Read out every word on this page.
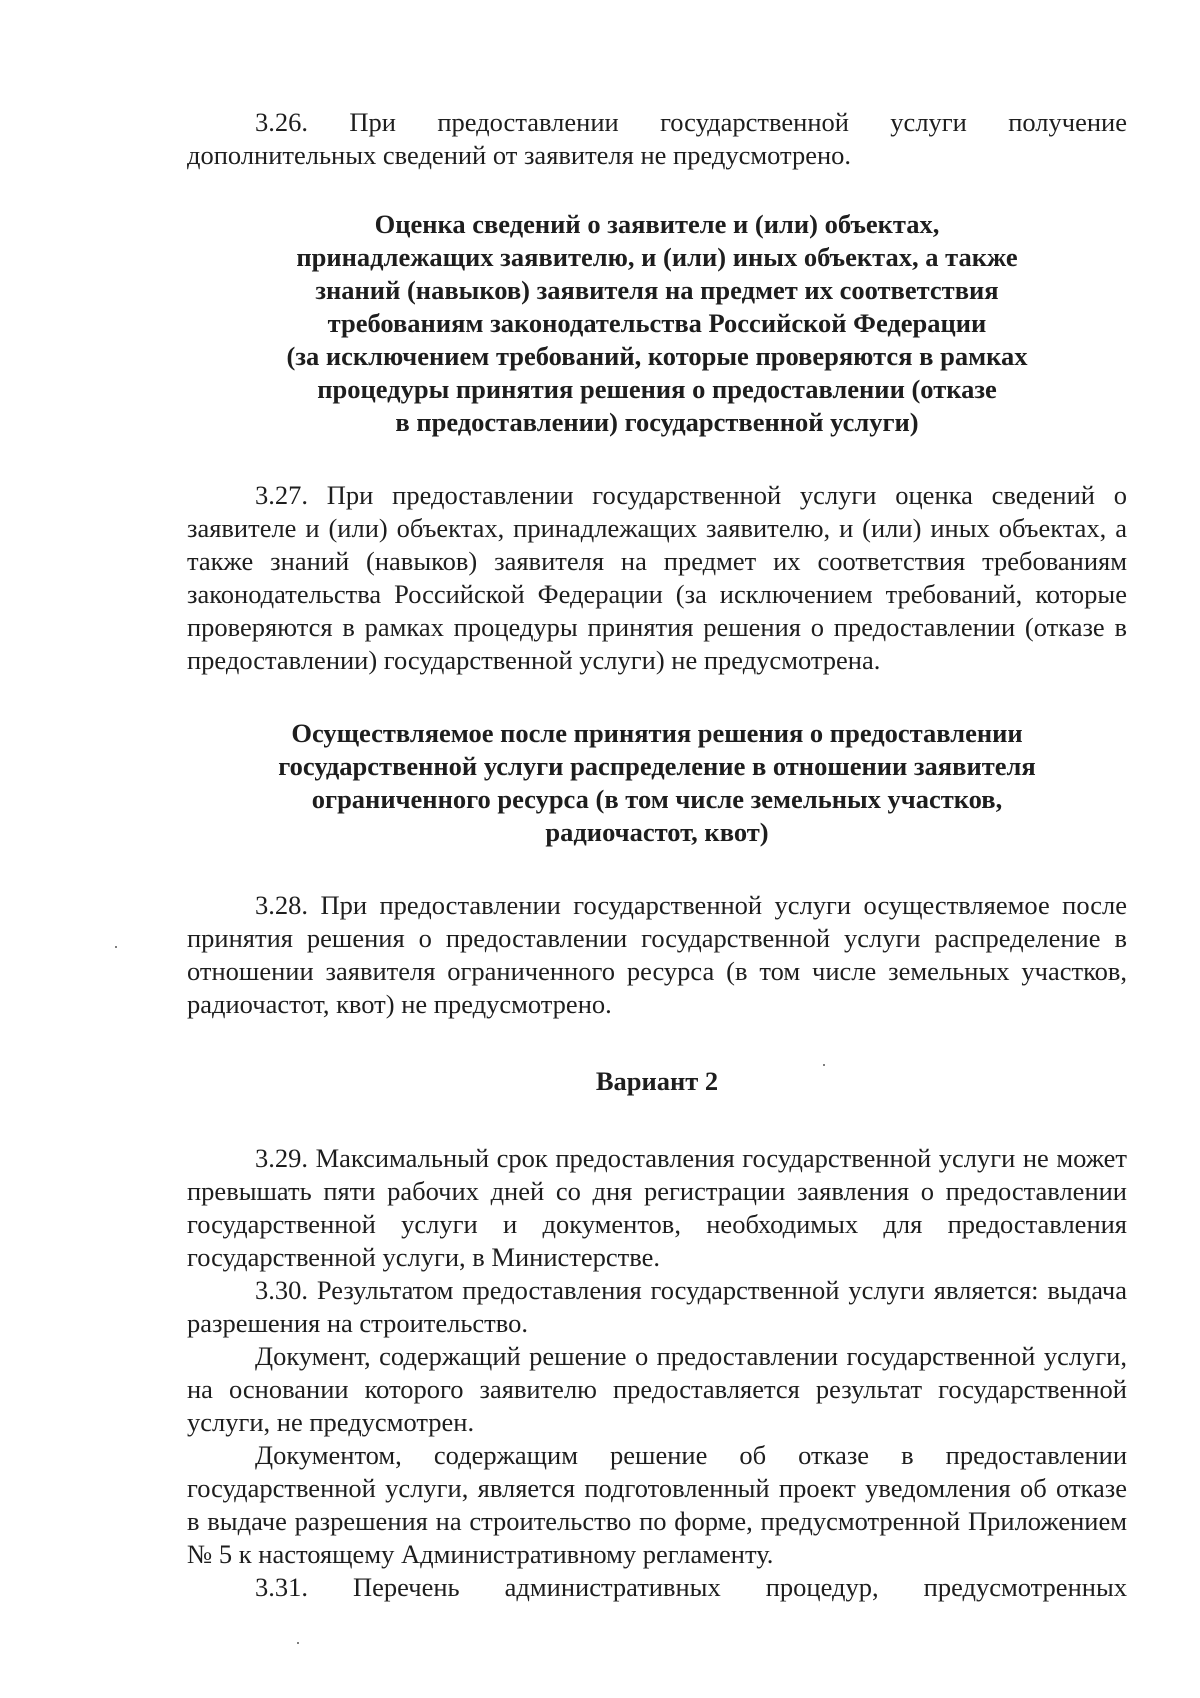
3.26. При предоставлении государственной услуги получение дополнительных сведений от заявителя не предусмотрено.

Оценка сведений о заявителе и (или) объектах,
принадлежащих заявителю, и (или) иных объектах, а также
знаний (навыков) заявителя на предмет их соответствия
требованиям законодательства Российской Федерации
(за исключением требований, которые проверяются в рамках
процедуры принятия решения о предоставлении (отказе
в предоставлении) государственной услуги)

3.27. При предоставлении государственной услуги оценка сведений о заявителе и (или) объектах, принадлежащих заявителю, и (или) иных объектах, а также знаний (навыков) заявителя на предмет их соответствия требованиям законодательства Российской Федерации (за исключением требований, которые проверяются в рамках процедуры принятия решения о предоставлении (отказе в предоставлении) государственной услуги) не предусмотрена.

Осуществляемое после принятия решения о предоставлении
государственной услуги распределение в отношении заявителя
ограниченного ресурса (в том числе земельных участков,
радиочастот, квот)

3.28. При предоставлении государственной услуги осуществляемое после принятия решения о предоставлении государственной услуги распределение в отношении заявителя ограниченного ресурса (в том числе земельных участков, радиочастот, квот) не предусмотрено.

Вариант 2

3.29. Максимальный срок предоставления государственной услуги не может превышать пяти рабочих дней со дня регистрации заявления о предоставлении государственной услуги и документов, необходимых для предоставления государственной услуги, в Министерстве.

3.30. Результатом предоставления государственной услуги является: выдача разрешения на строительство.

Документ, содержащий решение о предоставлении государственной услуги, на основании которого заявителю предоставляется результат государственной услуги, не предусмотрен.

Документом, содержащим решение об отказе в предоставлении государственной услуги, является подготовленный проект уведомления об отказе в выдаче разрешения на строительство по форме, предусмотренной Приложением № 5 к настоящему Административному регламенту.

3.31. Перечень административных процедур, предусмотренных
